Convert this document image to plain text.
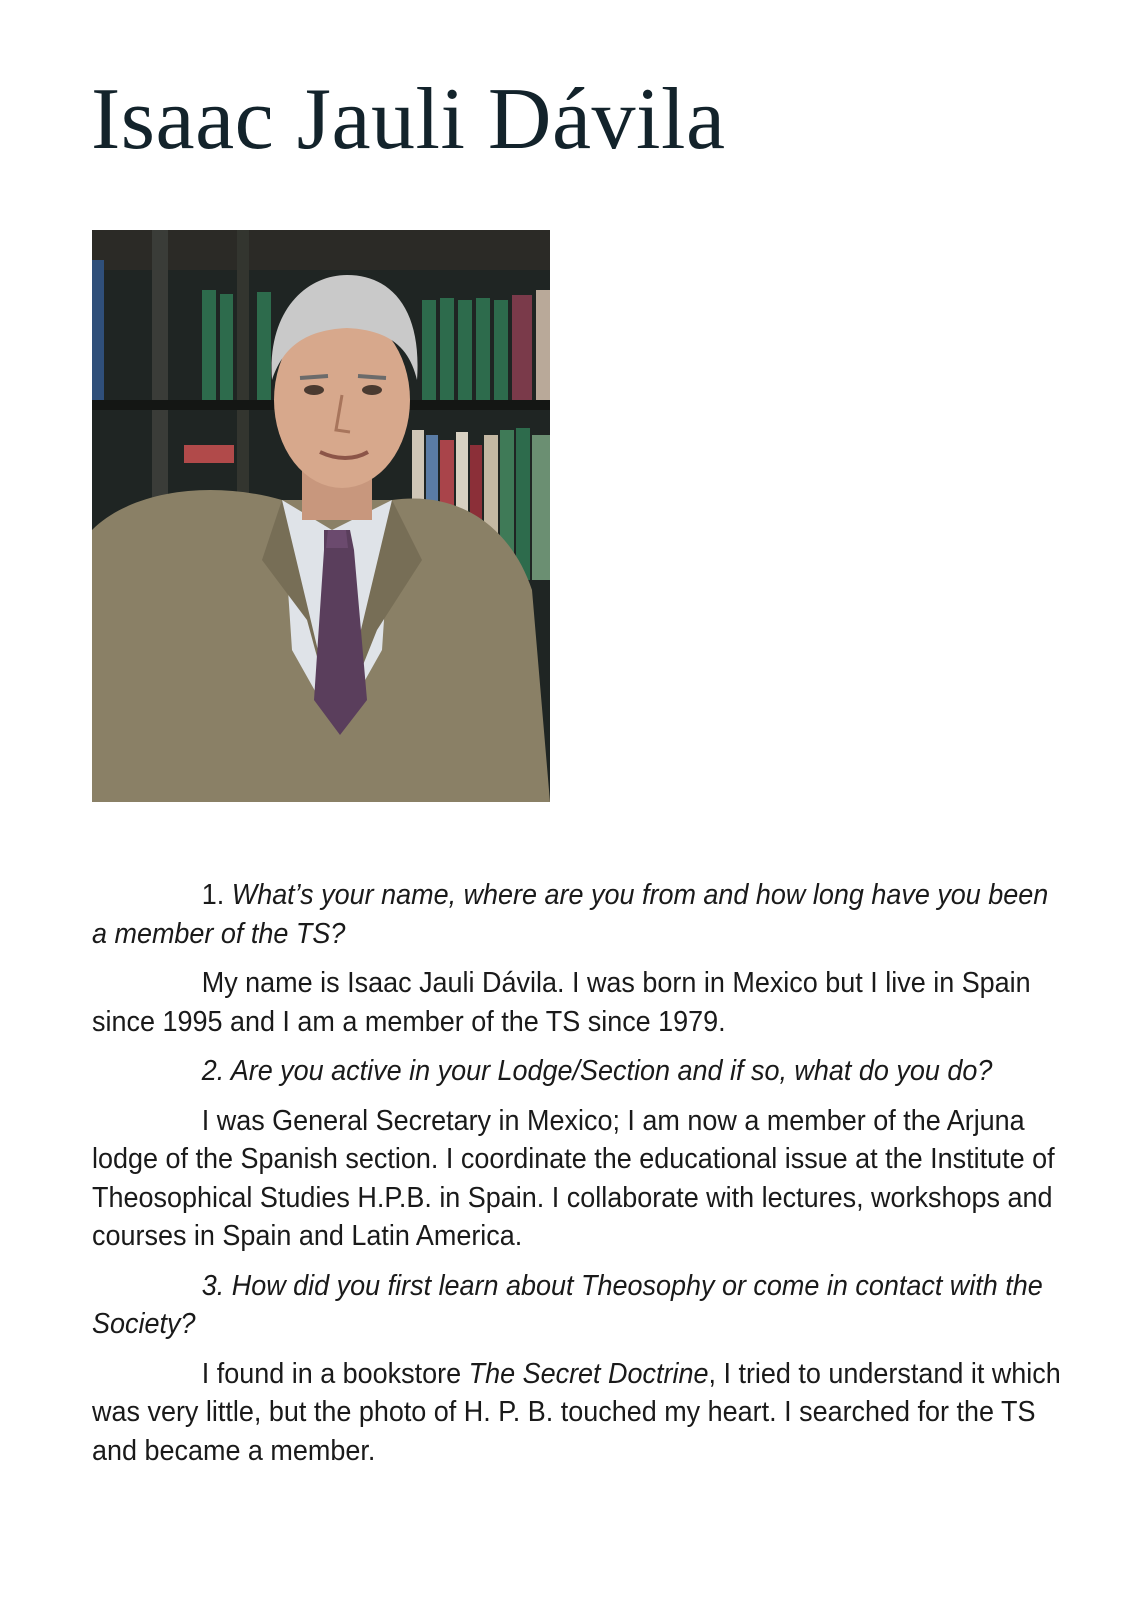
Isaac Jauli Dávila

1. What’s your name, where are you from and how long have you been a member of the TS?

My name is Isaac Jauli Dávila. I was born in Mexico but I live in Spain since 1995 and I am a member of the TS since 1979.

2. Are you active in your Lodge/Section and if so, what do you do?

I was General Secretary in Mexico; I am now a member of the Arjuna lodge of the Spanish section. I coordinate the educational issue at the Institute of Theosophical Studies H.P.B. in Spain. I collaborate with lectures, workshops and courses in Spain and Latin America.

3. How did you first learn about Theosophy or come in contact with the Society?

I found in a bookstore The Secret Doctrine, I tried to understand it which was very little, but the photo of H. P. B. touched my heart. I searched for the TS and became a member.
